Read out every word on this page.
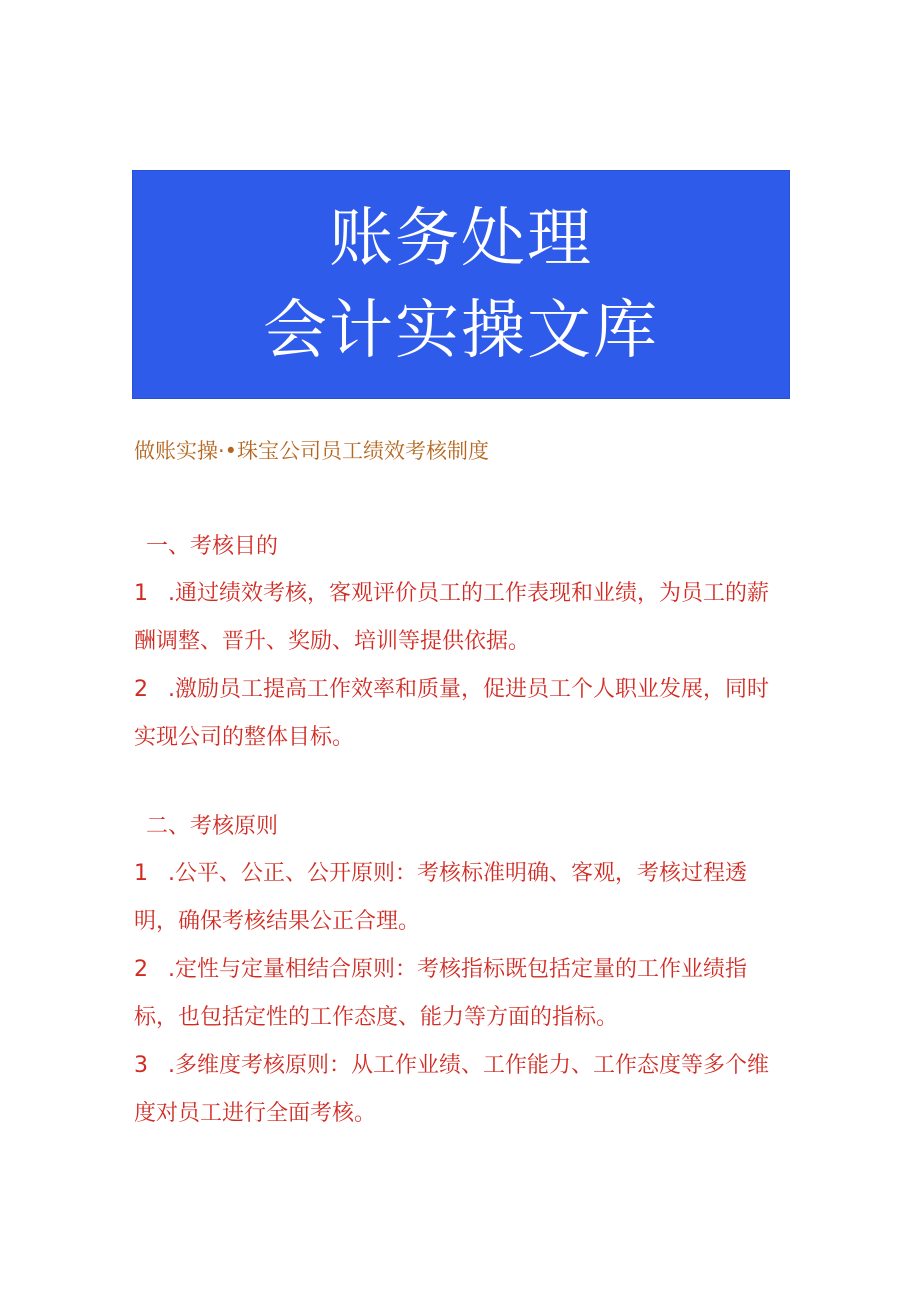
账务处理
会计实操文库
做账实操·•珠宝公司员工绩效考核制度
一、考核目的

1 .通过绩效考核，客观评价员工的工作表现和业绩，为员工的薪酬调整、晋升、奖励、培训等提供依据。

2 .激励员工提高工作效率和质量，促进员工个人职业发展，同时实现公司的整体目标。

二、考核原则

1 .公平、公正、公开原则：考核标准明确、客观，考核过程透明，确保考核结果公正合理。

2 .定性与定量相结合原则：考核指标既包括定量的工作业绩指标，也包括定性的工作态度、能力等方面的指标。

3 .多维度考核原则：从工作业绩、工作能力、工作态度等多个维度对员工进行全面考核。
